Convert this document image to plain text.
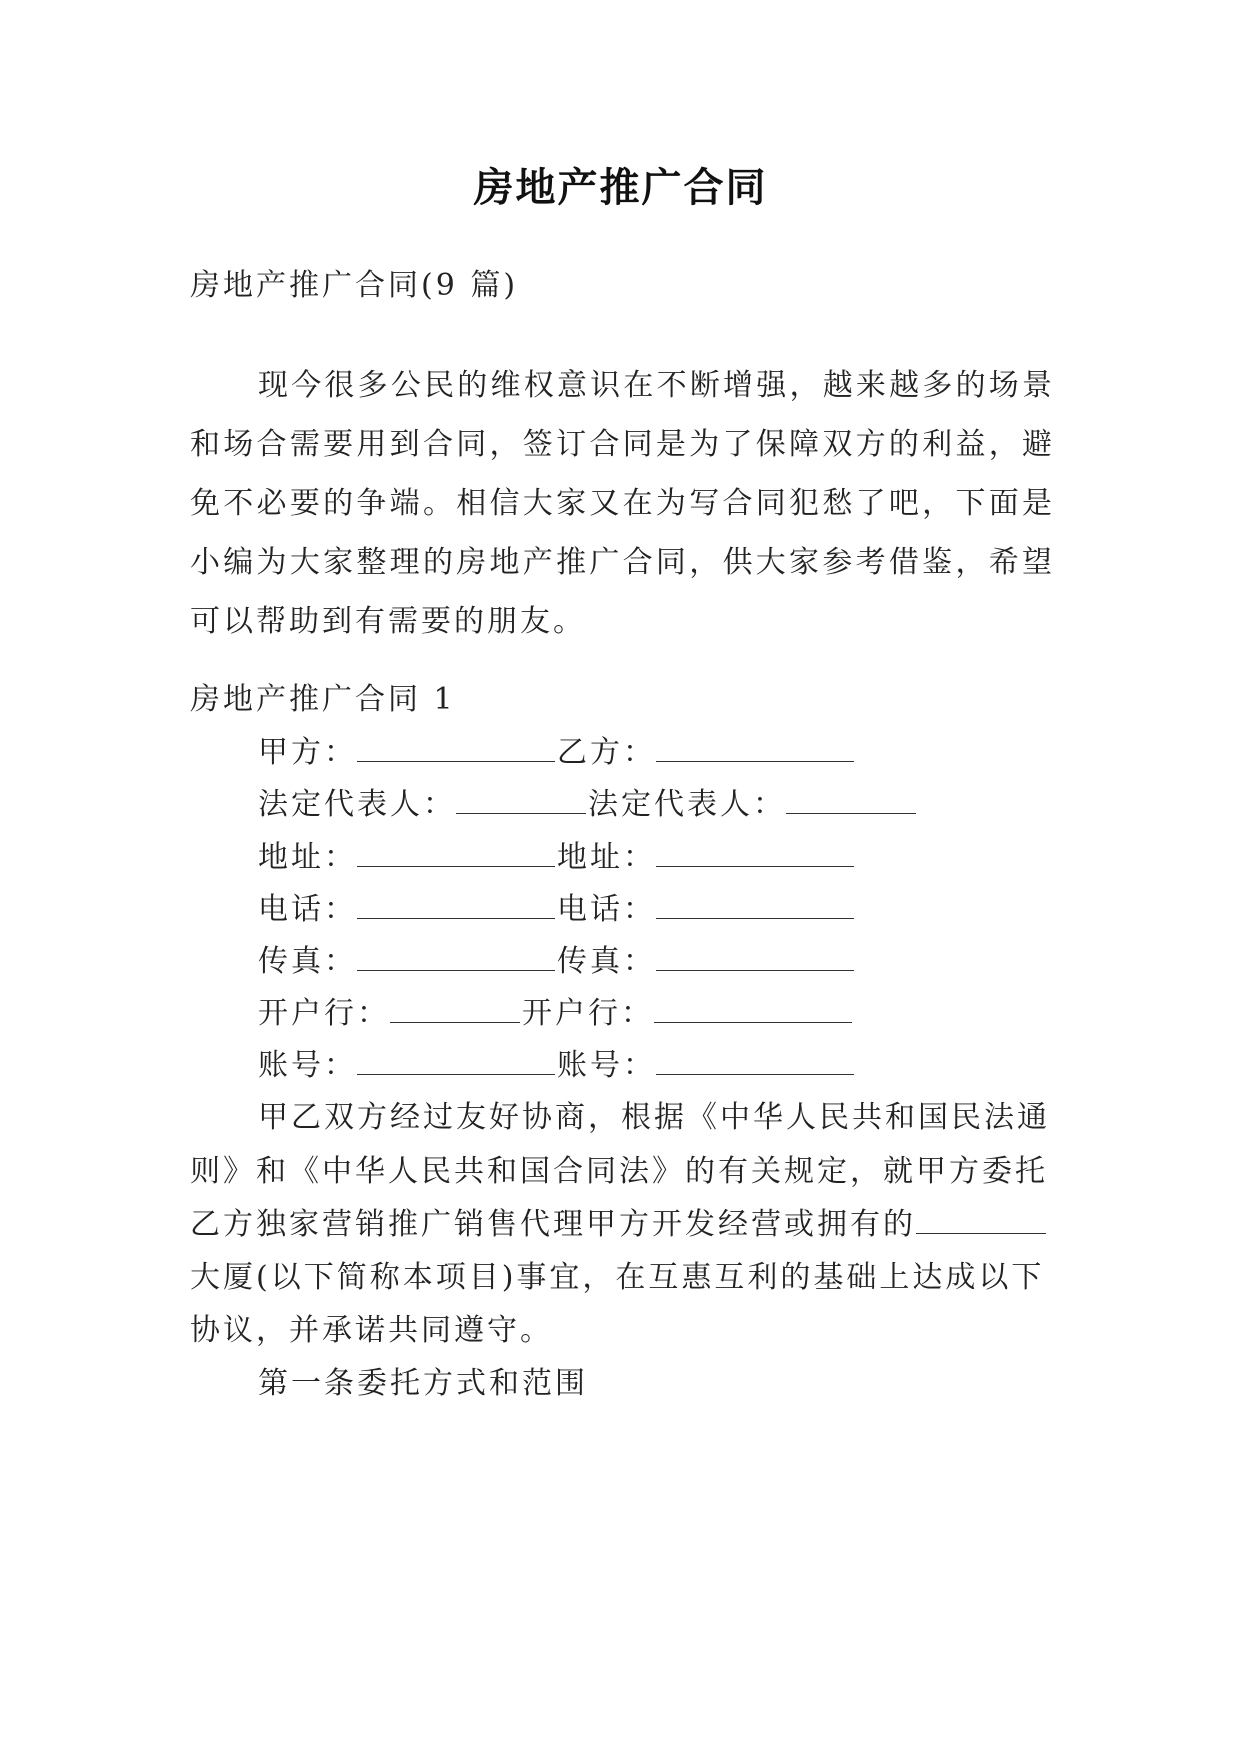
房地产推广合同
房地产推广合同(9 篇)
现今很多公民的维权意识在不断增强，越来越多的场景和场合需要用到合同，签订合同是为了保障双方的利益，避免不必要的争端。相信大家又在为写合同犯愁了吧，下面是小编为大家整理的房地产推广合同，供大家参考借鉴，希望可以帮助到有需要的朋友。
房地产推广合同 1
甲方：	乙方：
法定代表人：	法定代表人：
地址：	地址：
电话：	电话：
传真：	传真：
开户行：	开户行：
账号：	账号：
甲乙双方经过友好协商，根据《中华人民共和国民法通
则》和《中华人民共和国合同法》的有关规定，就甲方委托
乙方独家营销推广销售代理甲方开发经营或拥有的
大厦(以下简称本项目)事宜，在互惠互利的基础上达成以下
协议，并承诺共同遵守。
第一条委托方式和范围
